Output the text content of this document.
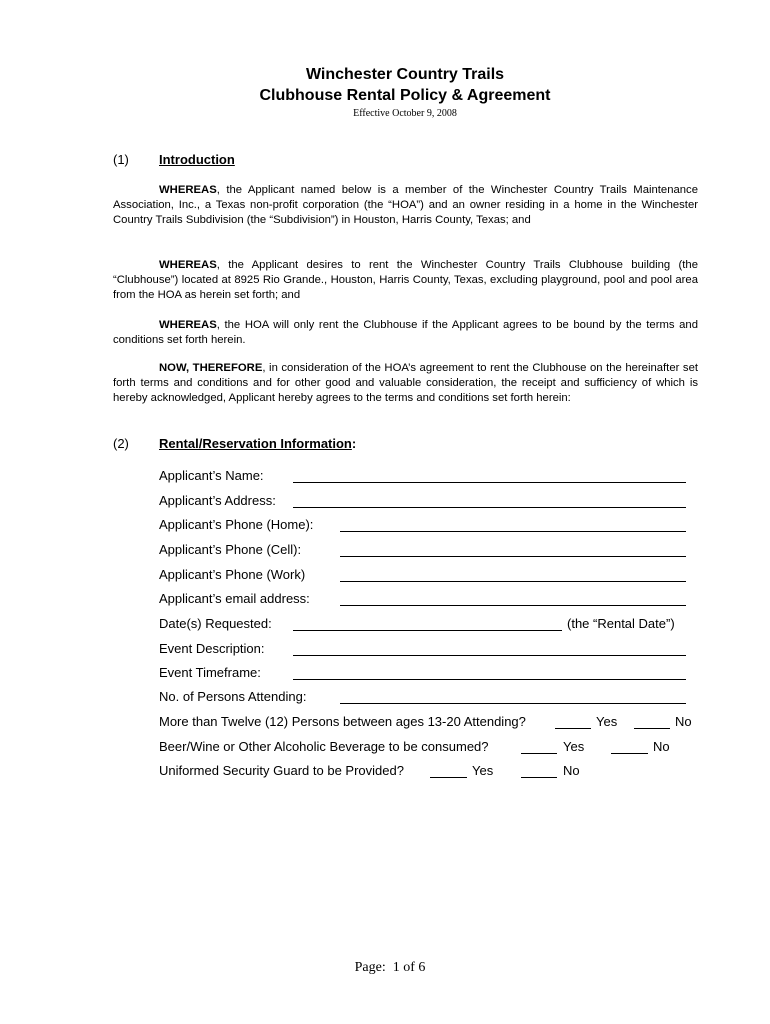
Winchester Country Trails
Clubhouse Rental Policy & Agreement
Effective October 9, 2008
(1) Introduction
WHEREAS, the Applicant named below is a member of the Winchester Country Trails Maintenance Association, Inc., a Texas non-profit corporation (the “HOA”) and an owner residing in a home in the Winchester Country Trails Subdivision (the “Subdivision”) in Houston, Harris County, Texas; and
WHEREAS, the Applicant desires to rent the Winchester Country Trails Clubhouse building (the “Clubhouse”) located at 8925 Rio Grande., Houston, Harris County, Texas, excluding playground, pool and pool area from the HOA as herein set forth; and
WHEREAS, the HOA will only rent the Clubhouse if the Applicant agrees to be bound by the terms and conditions set forth herein.
NOW, THEREFORE, in consideration of the HOA’s agreement to rent the Clubhouse on the hereinafter set forth terms and conditions and for other good and valuable consideration, the receipt and sufficiency of which is hereby acknowledged, Applicant hereby agrees to the terms and conditions set forth herein:
(2) Rental/Reservation Information:
Applicant’s Name:
Applicant’s Address:
Applicant’s Phone (Home):
Applicant’s Phone (Cell):
Applicant’s Phone (Work)
Applicant’s email address:
Date(s) Requested:	(the “Rental Date”)
Event Description:
Event Timeframe:
No. of Persons Attending:
More than Twelve (12) Persons between ages 13-20 Attending?	Yes	No
Beer/Wine or Other Alcoholic Beverage to be consumed?	Yes	No
Uniformed Security Guard to be Provided?	Yes	No
Page: 1 of 6
